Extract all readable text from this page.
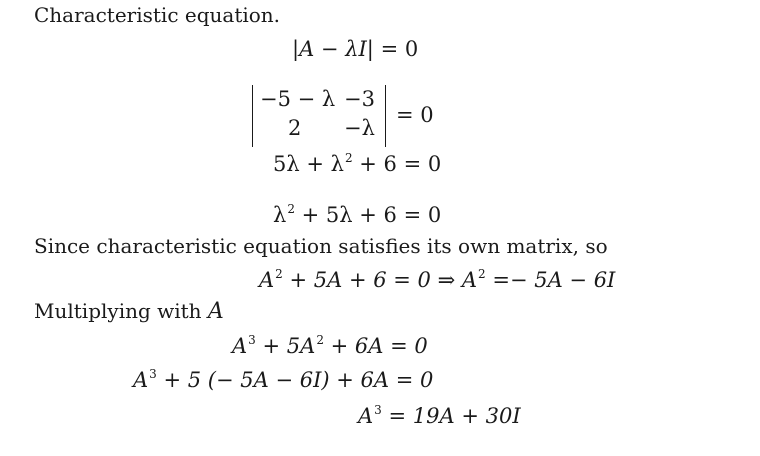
Characteristic equation.
|A − λI| = 0
−5 − λ −3
2 −λ
= 0
$5\lambda + \lambda^2 + 6 = 0$
$\lambda^2 + 5\lambda + 6 = 0$
Since characteristic equation satisfies its own matrix, so
$A^2 + 5A + 6 = 0$ ⇒ $A^2 =- 5A - 6I$
Multiplying with A
$A^3 + 5A^2 + 6A = 0$
$A^3 + 5$ (− 5A − 6I) + 6A = 0
$A^3 = 19A + 30I$
